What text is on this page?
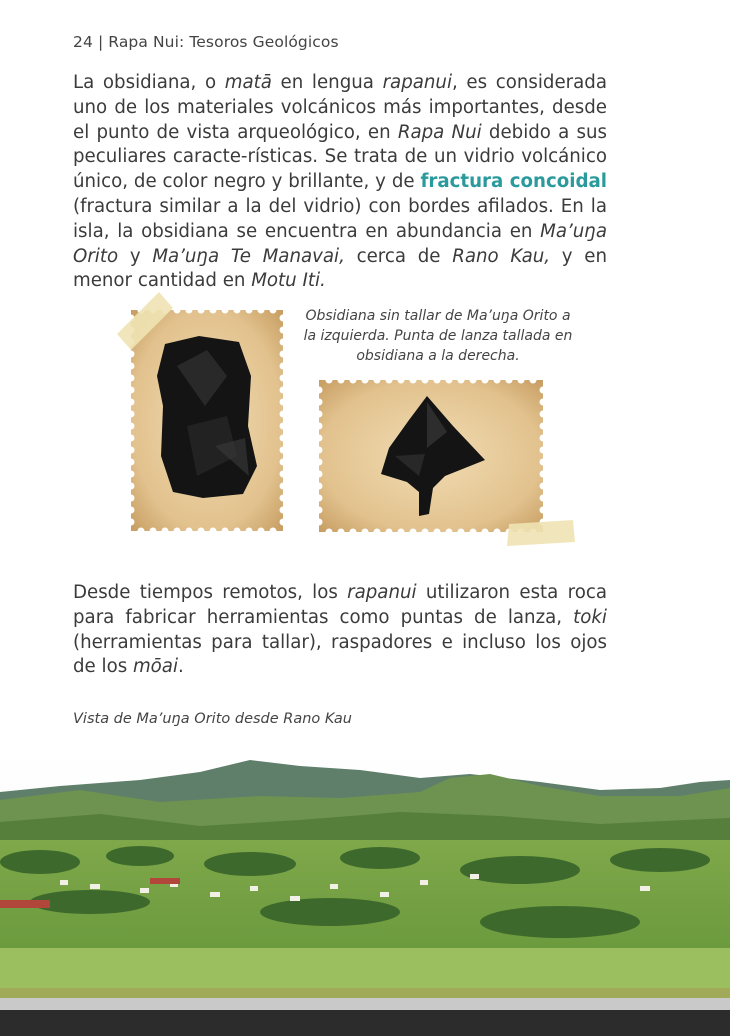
24 | Rapa Nui: Tesoros Geológicos
La obsidiana, o matā en lengua rapanui, es considerada uno de los materiales volcánicos más importantes, desde el punto de vista arqueológico, en Rapa Nui debido a sus peculiares caracte-rísticas. Se trata de un vidrio volcánico único, de color negro y brillante, y de fractura concoidal (fractura similar a la del vidrio) con bordes afilados. En la isla, la obsidiana se encuentra en abundancia en Ma’uŋa Orito y Ma’uŋa Te Manavai, cerca de Rano Kau, y en menor cantidad en Motu Iti.
Obsidiana sin tallar de Ma’uŋa Orito a la izquierda. Punta de lanza tallada en obsidiana a la derecha.
Desde tiempos remotos, los rapanui utilizaron esta roca para fabricar herramientas como puntas de lanza, toki (herramientas para tallar), raspadores e incluso los ojos de los mōai.
Vista de Ma’uŋa Orito desde Rano Kau
